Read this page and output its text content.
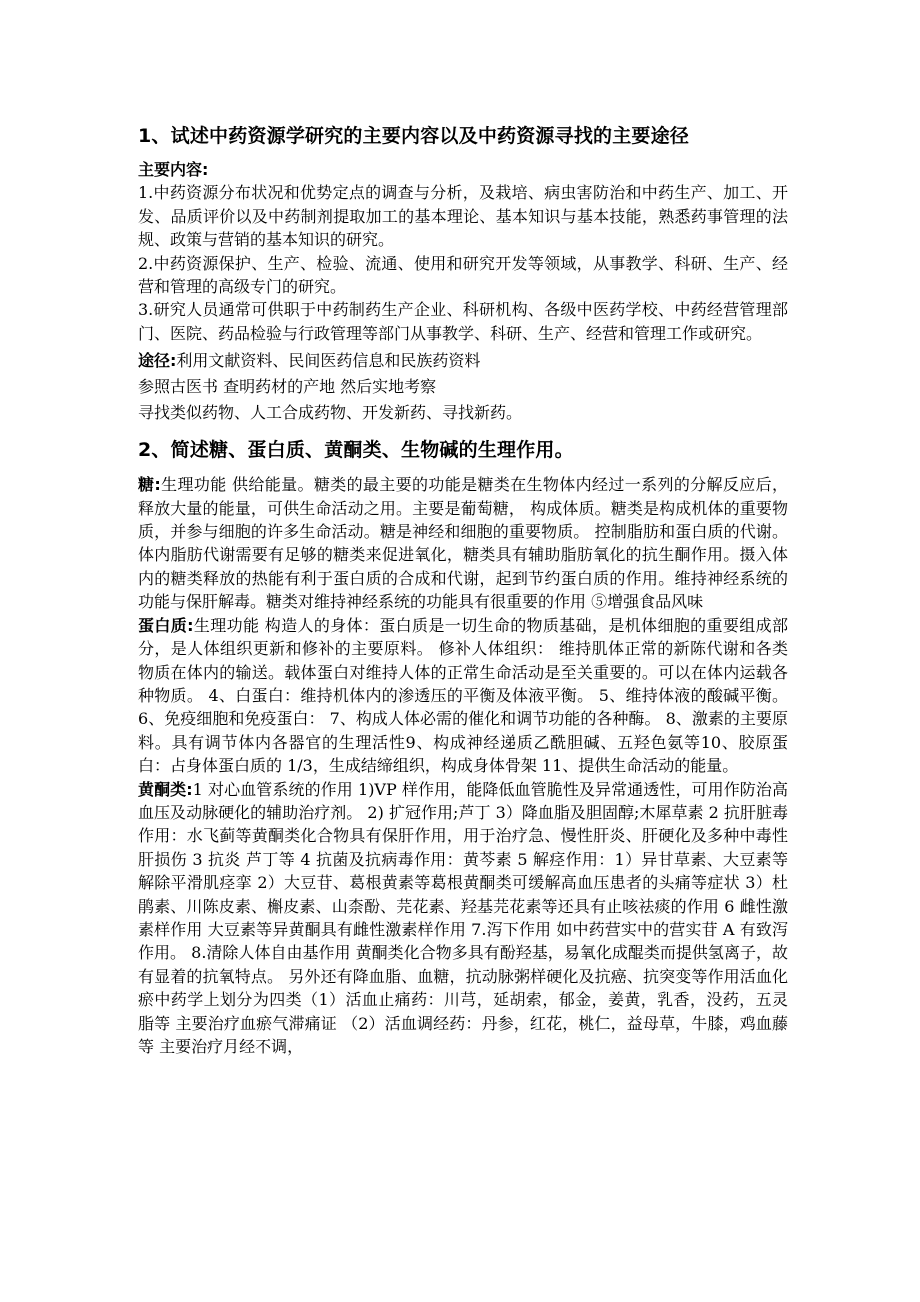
1、试述中药资源学研究的主要内容以及中药资源寻找的主要途径
主要内容:

1.中药资源分布状况和优势定点的调查与分析，及栽培、病虫害防治和中药生产、加工、开发、品质评价以及中药制剂提取加工的基本理论、基本知识与基本技能，熟悉药事管理的法规、政策与营销的基本知识的研究。

2.中药资源保护、生产、检验、流通、使用和研究开发等领域，从事教学、科研、生产、经营和管理的高级专门的研究。

3.研究人员通常可供职于中药制药生产企业、科研机构、各级中医药学校、中药经营管理部门、医院、药品检验与行政管理等部门从事教学、科研、生产、经营和管理工作或研究。

途径:利用文献资料、民间医药信息和民族药资料

参照古医书 查明药材的产地 然后实地考察

寻找类似药物、人工合成药物、开发新药、寻找新药。

2、简述糖、蛋白质、黄酮类、生物碱的生理作用。

糖:生理功能 供给能量。糖类的最主要的功能是糖类在生物体内经过一系列的分解反应后，释放大量的能量，可供生命活动之用。主要是葡萄糖， 构成体质。糖类是构成机体的重要物质，并参与细胞的许多生命活动。糖是神经和细胞的重要物质。 控制脂肪和蛋白质的代谢。体内脂肪代谢需要有足够的糖类来促进氧化，糖类具有辅助脂肪氧化的抗生酮作用。摄入体内的糖类释放的热能有利于蛋白质的合成和代谢，起到节约蛋白质的作用。维持神经系统的功能与保肝解毒。糖类对维持神经系统的功能具有很重要的作用 ⑤增强食品风味

蛋白质:生理功能 构造人的身体：蛋白质是一切生命的物质基础，是机体细胞的重要组成部分，是人体组织更新和修补的主要原料。 修补人体组织： 维持肌体正常的新陈代谢和各类物质在体内的输送。载体蛋白对维持人体的正常生命活动是至关重要的。可以在体内运载各种物质。 4、白蛋白：维持机体内的渗透压的平衡及体液平衡。 5、维持体液的酸碱平衡。 6、免疫细胞和免疫蛋白： 7、构成人体必需的催化和调节功能的各种酶。 8、激素的主要原料。具有调节体内各器官的生理活性9、构成神经递质乙酰胆碱、五羟色氨等10、胶原蛋白：占身体蛋白质的 1/3，生成结缔组织，构成身体骨架 11、提供生命活动的能量。

黄酮类:1 对心血管系统的作用 1)VP 样作用，能降低血管脆性及异常通透性，可用作防治高血压及动脉硬化的辅助治疗剂。 2) 扩冠作用;芦丁 3）降血脂及胆固醇;木犀草素 2 抗肝脏毒作用：水飞蓟等黄酮类化合物具有保肝作用，用于治疗急、慢性肝炎、肝硬化及多种中毒性肝损伤 3 抗炎 芦丁等 4 抗菌及抗病毒作用：黄芩素 5 解痉作用：1）异甘草素、大豆素等解除平滑肌痉挛 2）大豆苷、葛根黄素等葛根黄酮类可缓解高血压患者的头痛等症状 3）杜鹃素、川陈皮素、槲皮素、山柰酚、芫花素、羟基芫花素等还具有止咳祛痰的作用 6 雌性激素样作用 大豆素等异黄酮具有雌性激素样作用 7.泻下作用 如中药营实中的营实苷 A 有致泻作用。 8.清除人体自由基作用 黄酮类化合物多具有酚羟基，易氧化成醌类而提供氢离子，故有显着的抗氧特点。 另外还有降血脂、血糖，抗动脉粥样硬化及抗癌、抗突变等作用活血化瘀中药学上划分为四类（1）活血止痛药：川芎，延胡索，郁金，姜黄，乳香，没药，五灵脂等 主要治疗血瘀气滞痛证 （2）活血调经药：丹参，红花，桃仁，益母草，牛膝，鸡血藤等 主要治疗月经不调，
